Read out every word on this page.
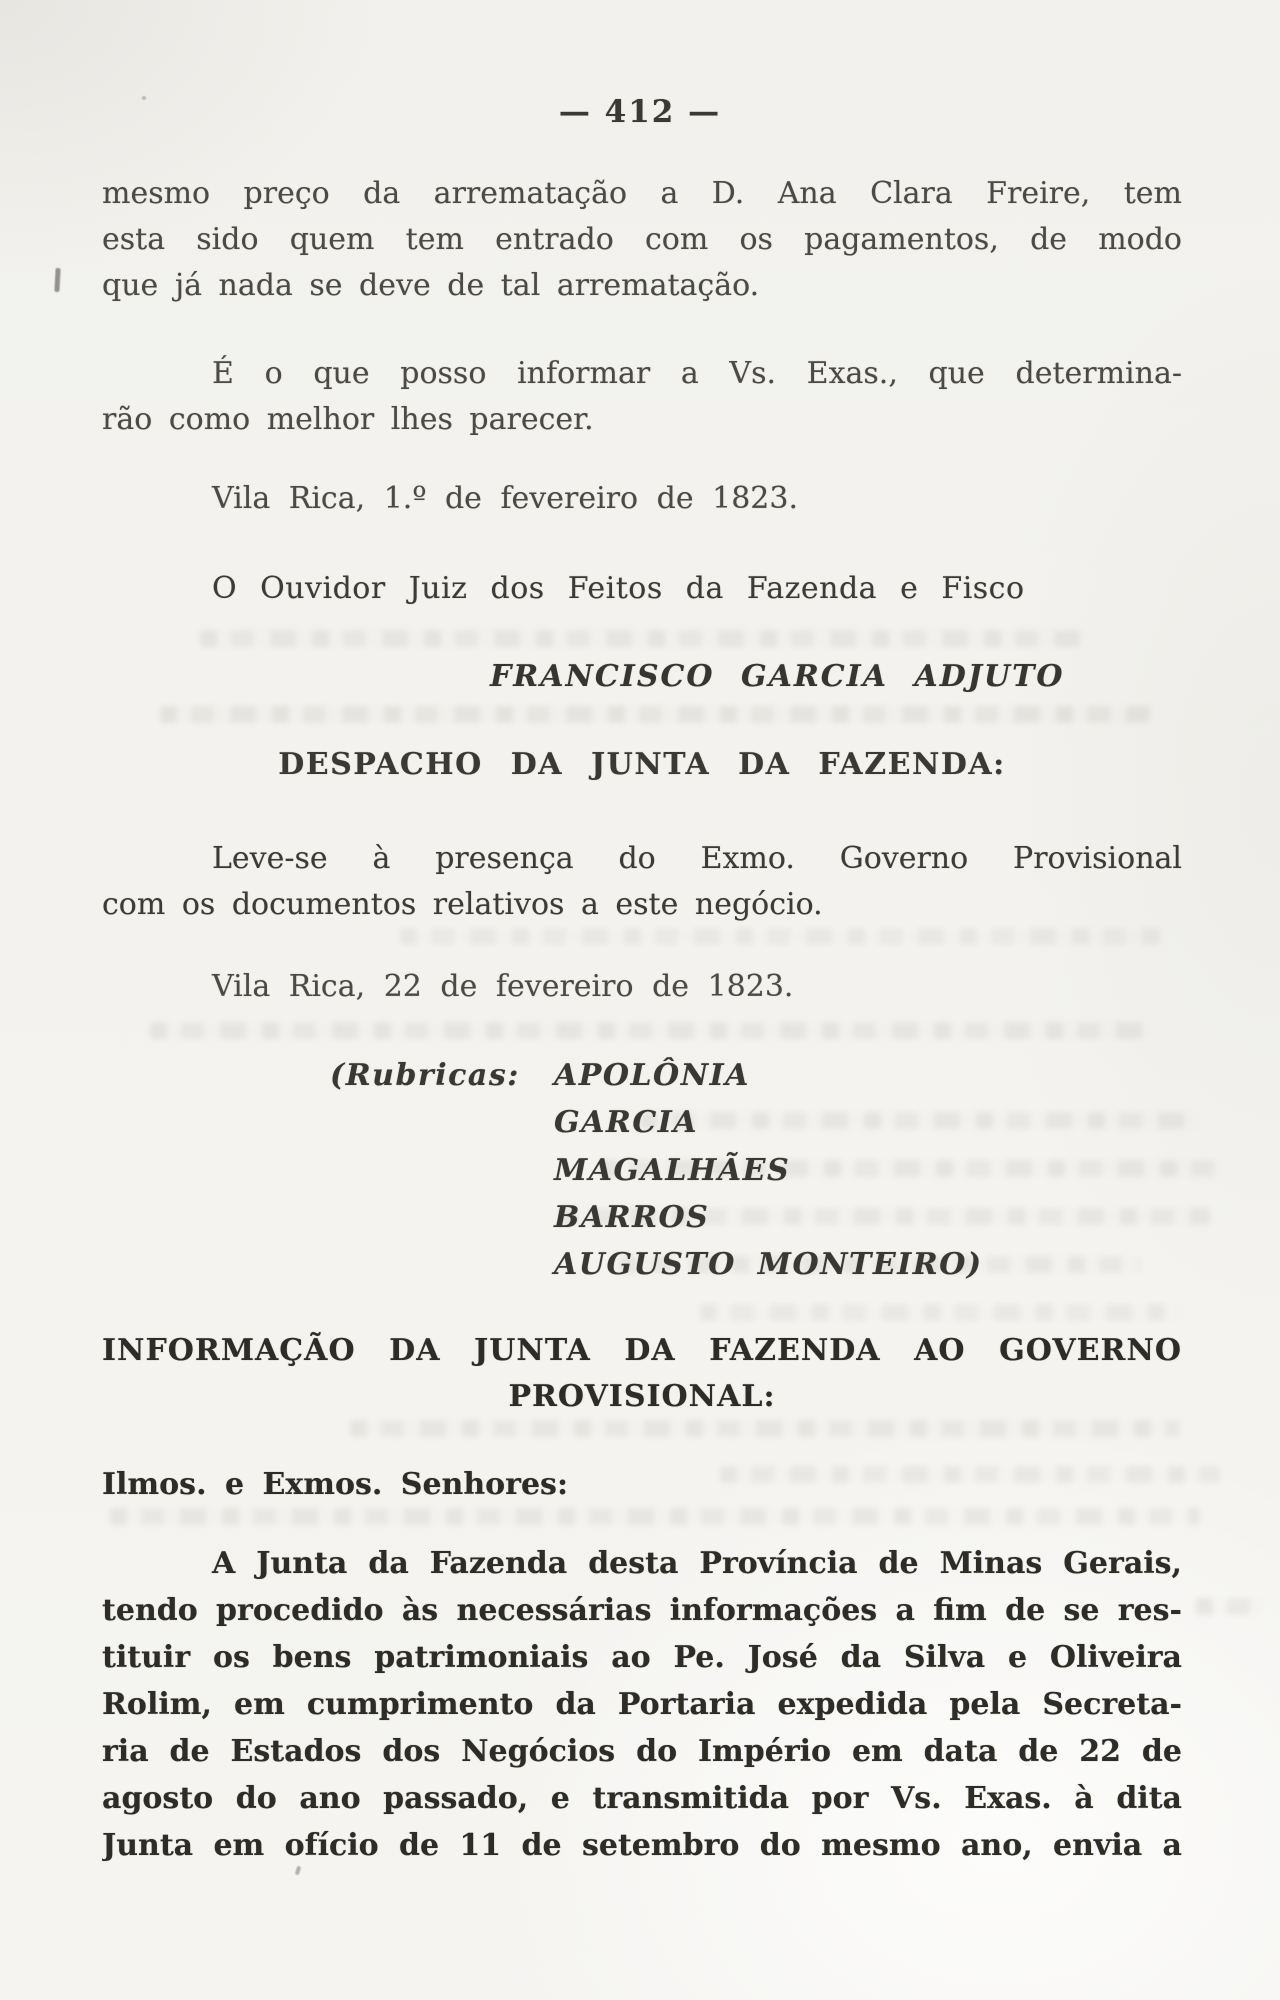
— 412 —
mesmo preço da arrematação a D. Ana Clara Freire, tem
esta sido quem tem entrado com os pagamentos, de modo
que já nada se deve de tal arrematação.
É o que posso informar a Vs. Exas., que determina-
rão como melhor lhes parecer.
Vila Rica, 1.º de fevereiro de 1823.
O Ouvidor Juiz dos Feitos da Fazenda e Fisco
FRANCISCO GARCIA ADJUTO
DESPACHO DA JUNTA DA FAZENDA:
Leve-se à presença do Exmo. Governo Provisional
com os documentos relativos a este negócio.
Vila Rica, 22 de fevereiro de 1823.
(Rubricas: APOLÔNIA
GARCIA
MAGALHÃES
BARROS
AUGUSTO MONTEIRO)
INFORMAÇÃO DA JUNTA DA FAZENDA AO GOVERNO
PROVISIONAL:
Ilmos. e Exmos. Senhores:
A Junta da Fazenda desta Província de Minas Gerais,
tendo procedido às necessárias informações a fim de se res-
tituir os bens patrimoniais ao Pe. José da Silva e Oliveira
Rolim, em cumprimento da Portaria expedida pela Secreta-
ria de Estados dos Negócios do Império em data de 22 de
agosto do ano passado, e transmitida por Vs. Exas. à dita
Junta em ofício de 11 de setembro do mesmo ano, envia a
